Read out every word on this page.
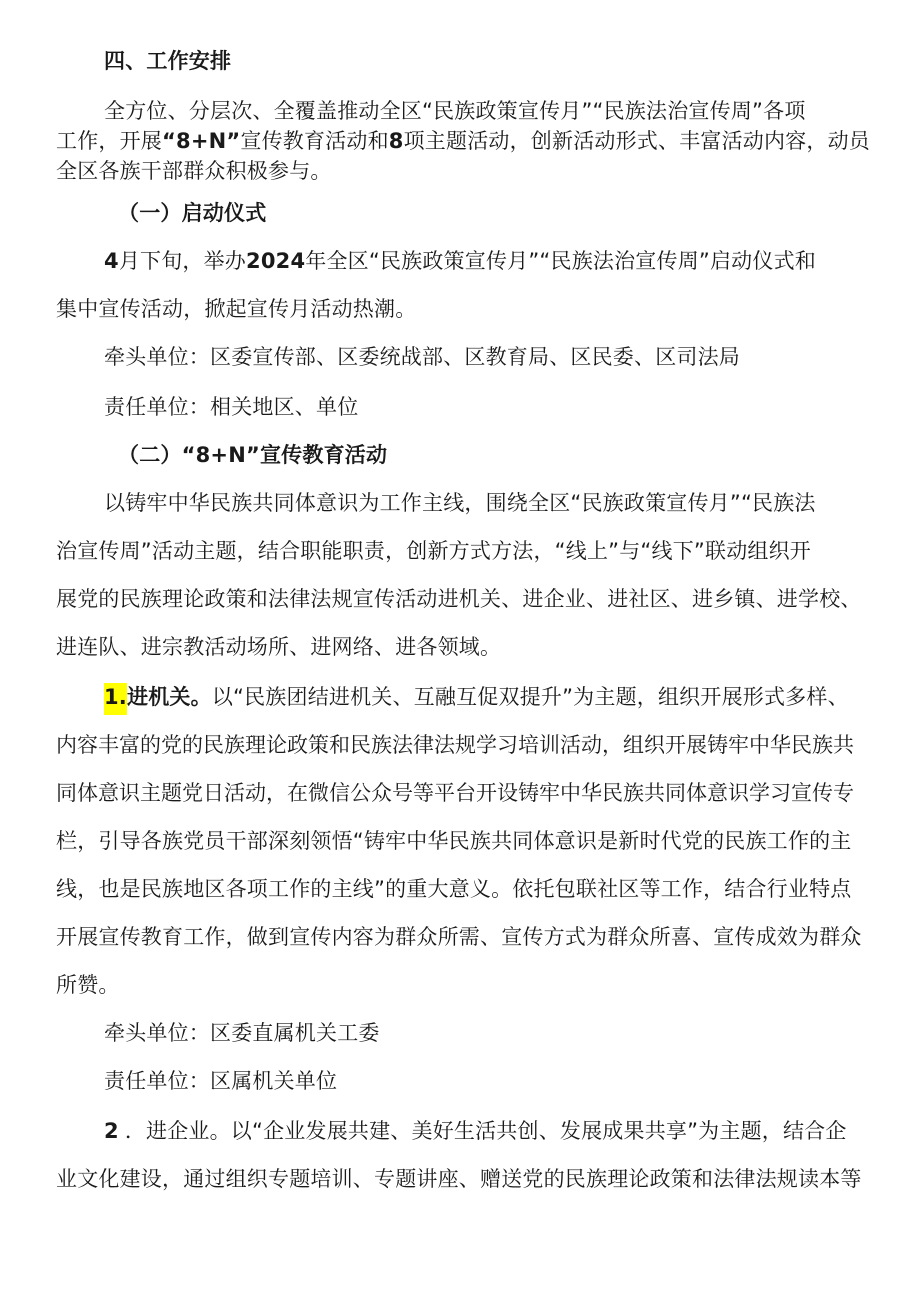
四、工作安排
全方位、分层次、全覆盖推动全区“民族政策宣传月”“民族法治宣传周”各项
工作，开展“8+N”宣传教育活动和8项主题活动，创新活动形式、丰富活动内容，动员
全区各族干部群众积极参与。
（一）启动仪式
4月下旬，举办2024年全区“民族政策宣传月”“民族法治宣传周”启动仪式和
集中宣传活动，掀起宣传月活动热潮。
牵头单位：区委宣传部、区委统战部、区教育局、区民委、区司法局
责任单位：相关地区、单位
（二）“8+N”宣传教育活动
以铸牢中华民族共同体意识为工作主线，围绕全区“民族政策宣传月”“民族法
治宣传周”活动主题，结合职能职责，创新方式方法，“线上”与“线下”联动组织开
展党的民族理论政策和法律法规宣传活动进机关、进企业、进社区、进乡镇、进学校、
进连队、进宗教活动场所、进网络、进各领域。
1.进机关。以“民族团结进机关、互融互促双提升”为主题，组织开展形式多样、
内容丰富的党的民族理论政策和民族法律法规学习培训活动，组织开展铸牢中华民族共
同体意识主题党日活动，在微信公众号等平台开设铸牢中华民族共同体意识学习宣传专
栏，引导各族党员干部深刻领悟“铸牢中华民族共同体意识是新时代党的民族工作的主
线，也是民族地区各项工作的主线”的重大意义。依托包联社区等工作，结合行业特点
开展宣传教育工作，做到宣传内容为群众所需、宣传方式为群众所喜、宣传成效为群众
所赞。
牵头单位：区委直属机关工委
责任单位：区属机关单位
2 ．进企业。以“企业发展共建、美好生活共创、发展成果共享”为主题，结合企
业文化建设，通过组织专题培训、专题讲座、赠送党的民族理论政策和法律法规读本等
